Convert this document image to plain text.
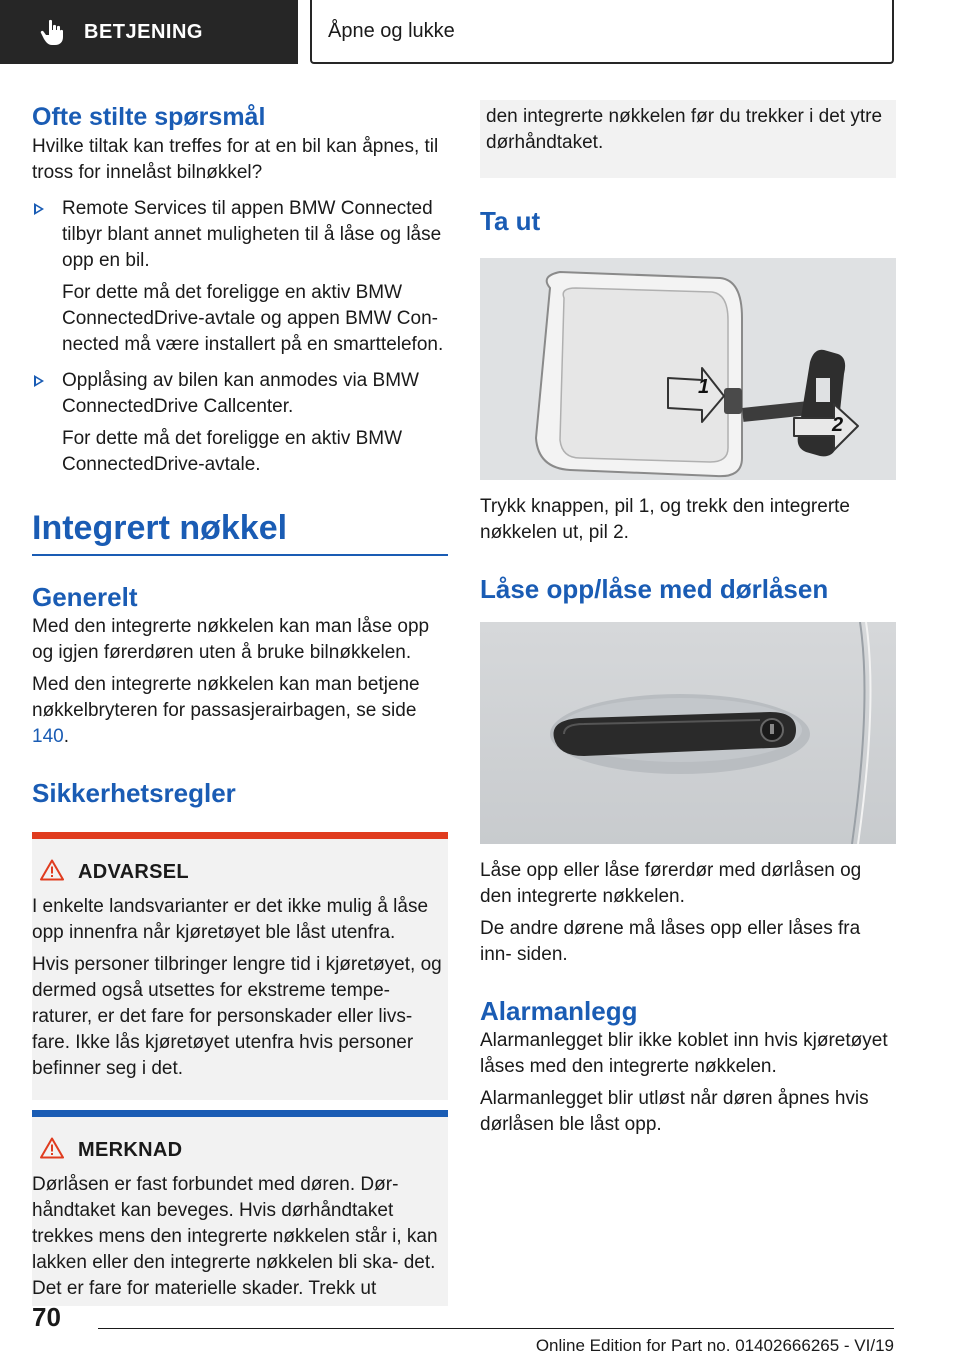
BETJENING	Åpne og lukke
Ofte stilte spørsmål

Hvilke tiltak kan treffes for at en bil kan åpnes, til tross for innelåst bilnøkkel?

Remote Services til appen BMW Connected tilbyr blant annet muligheten til å låse og låse opp en bil.

For dette må det foreligge en aktiv BMW ConnectedDrive-avtale og appen BMW Con‐ nected må være installert på en smarttelefon.

Opplåsing av bilen kan anmodes via BMW ConnectedDrive Callcenter.

For dette må det foreligge en aktiv BMW ConnectedDrive-avtale.

Integrert nøkkel
Generelt

Med den integrerte nøkkelen kan man låse opp og igjen førerdøren uten å bruke bilnøkkelen.

Med den integrerte nøkkelen kan man betjene nøkkelbryteren for passasjerairbagen, se side 140.

Sikkerhetsregler
ADVARSEL

I enkelte landsvarianter er det ikke mulig å låse opp innenfra når kjøretøyet ble låst utenfra.

Hvis personer tilbringer lengre tid i kjøretøyet, og dermed også utsettes for ekstreme tempe‐ raturer, er det fare for personskader eller livs‐ fare. Ikke lås kjøretøyet utenfra hvis personer befinner seg i det.

MERKNAD

Dørlåsen er fast forbundet med døren. Dør‐ håndtaket kan beveges. Hvis dørhåndtaket trekkes mens den integrerte nøkkelen står i, kan lakken eller den integrerte nøkkelen bli ska‐ det. Det er fare for materielle skader. Trekk ut

den integrerte nøkkelen før du trekker i det ytre dørhåndtaket.

Ta ut
1
2

Trykk knappen, pil 1, og trekk den integrerte nøkkelen ut, pil 2.

Låse opp/låse med dørlåsen

Låse opp eller låse førerdør med dørlåsen og den integrerte nøkkelen.

De andre dørene må låses opp eller låses fra inn‐ siden.

Alarmanlegg

Alarmanlegget blir ikke koblet inn hvis kjøretøyet låses med den integrerte nøkkelen.

Alarmanlegget blir utløst når døren åpnes hvis dørlåsen ble låst opp.

70
Online Edition for Part no. 01402666265 - VI/19
